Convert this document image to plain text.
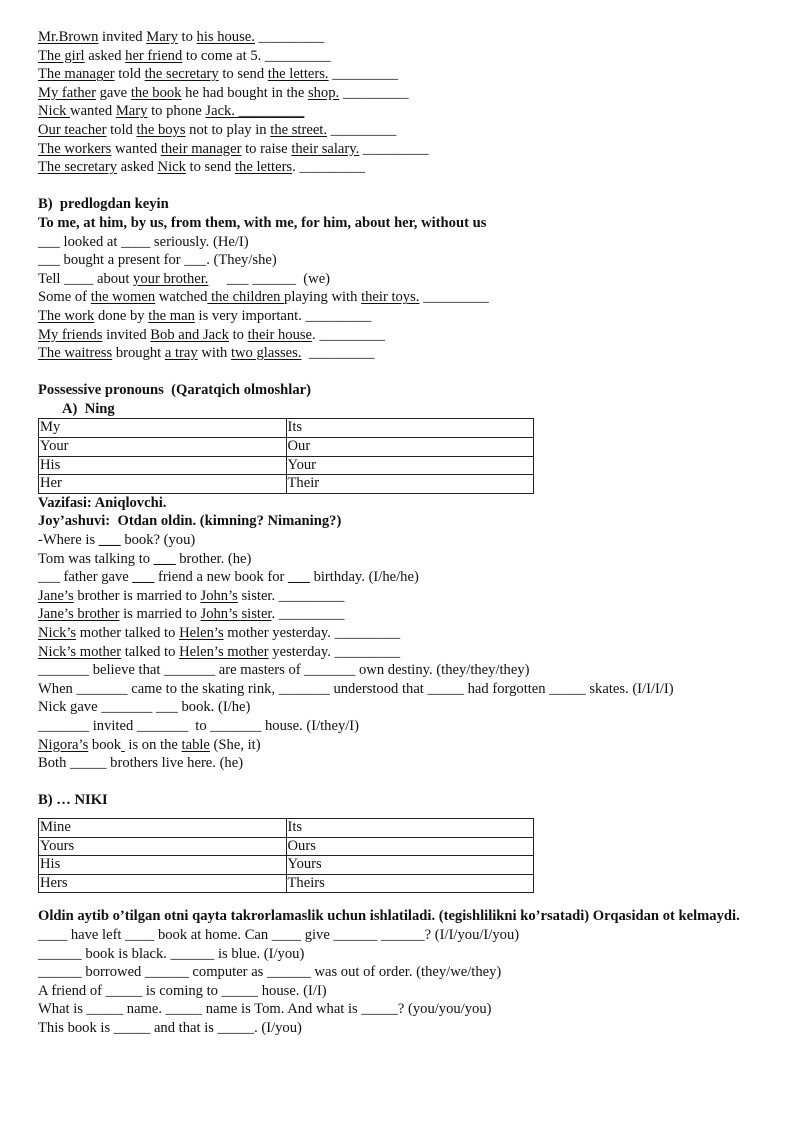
Mr.Brown invited Mary to his house. _________
The girl asked her friend to come at 5. _________
The manager told the secretary to send the letters. _________
My father gave the book he had bought in the shop. _________
Nick wanted Mary to phone Jack. _________
Our teacher told the boys not to play in the street. _________
The workers wanted their manager to raise their salary. _________
The secretary asked Nick to send the letters. _________
B)  predlogdan keyin
To me, at him, by us, from them, with me, for him, about her, without us
___ looked at ____ seriously. (He/I)
___ bought a present for ___. (They/she)
Tell ____ about your brother.     ___ ______  (we)
Some of the women watched the children playing with their toys. _________
The work done by the man is very important. _________
My friends invited Bob and Jack to their house. _________
The waitress brought a tray with two glasses.  _________
Possessive pronouns  (Qaratqich olmoshlar)
A)  Ning
My	Its
Your	Our
His	Your
Her	Their
Vazifasi: Aniqlovchi.
Joy’ashuvi:  Otdan oldin. (kimning? Nimaning?)
-Where is ___ book? (you)
Tom was talking to ___ brother. (he)
___ father gave ___ friend a new book for ___ birthday. (I/he/he)
Jane’s brother is married to John’s sister. _________
Jane’s brother is married to John’s sister. _________
Nick’s mother talked to Helen’s mother yesterday. _________
Nick’s mother talked to Helen’s mother yesterday. _________
_______ believe that _______ are masters of _______ own destiny. (they/they/they)
When _______ came to the skating rink, _______ understood that _____ had forgotten _____ skates. (I/I/I/I)
Nick gave _______ ___ book. (I/he)
_______ invited _______  to _______ house. (I/they/I)
Nigora’s book  is on the table (She, it)
Both _____ brothers live here. (he)
B) … NIKI
Mine	Its
Yours	Ours
His	Yours
Hers	Theirs
Oldin aytib o’tilgan otni qayta takrorlamaslik uchun ishlatiladi. (tegishlilikni ko’rsatadi) Orqasidan ot kelmaydi.
____ have left ____ book at home. Can ____ give ______ ______? (I/I/you/I/you)
______ book is black. ______ is blue. (I/you)
______ borrowed ______ computer as ______ was out of order. (they/we/they)
A friend of _____ is coming to _____ house. (I/I)
What is _____ name. _____ name is Tom. And what is _____? (you/you/you)
This book is _____ and that is _____. (I/you)
